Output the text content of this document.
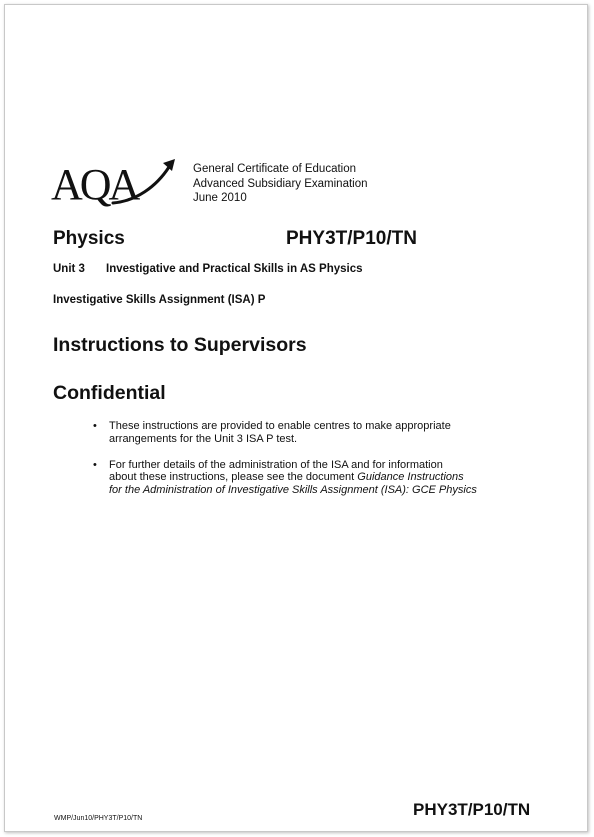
AQA	General Certificate of Education
Advanced Subsidiary Examination
June 2010
Physics	PHY3T/P10/TN
Unit 3 Investigative and Practical Skills in AS Physics
Investigative Skills Assignment (ISA) P
Instructions to Supervisors
Confidential
• These instructions are provided to enable centres to make appropriate
arrangements for the Unit 3 ISA P test.
• For further details of the administration of the ISA and for information
about these instructions, please see the document Guidance Instructions
for the Administration of Investigative Skills Assignment (ISA): GCE Physics
WMP/Jun10/PHY3T/P10/TN	PHY3T/P10/TN
